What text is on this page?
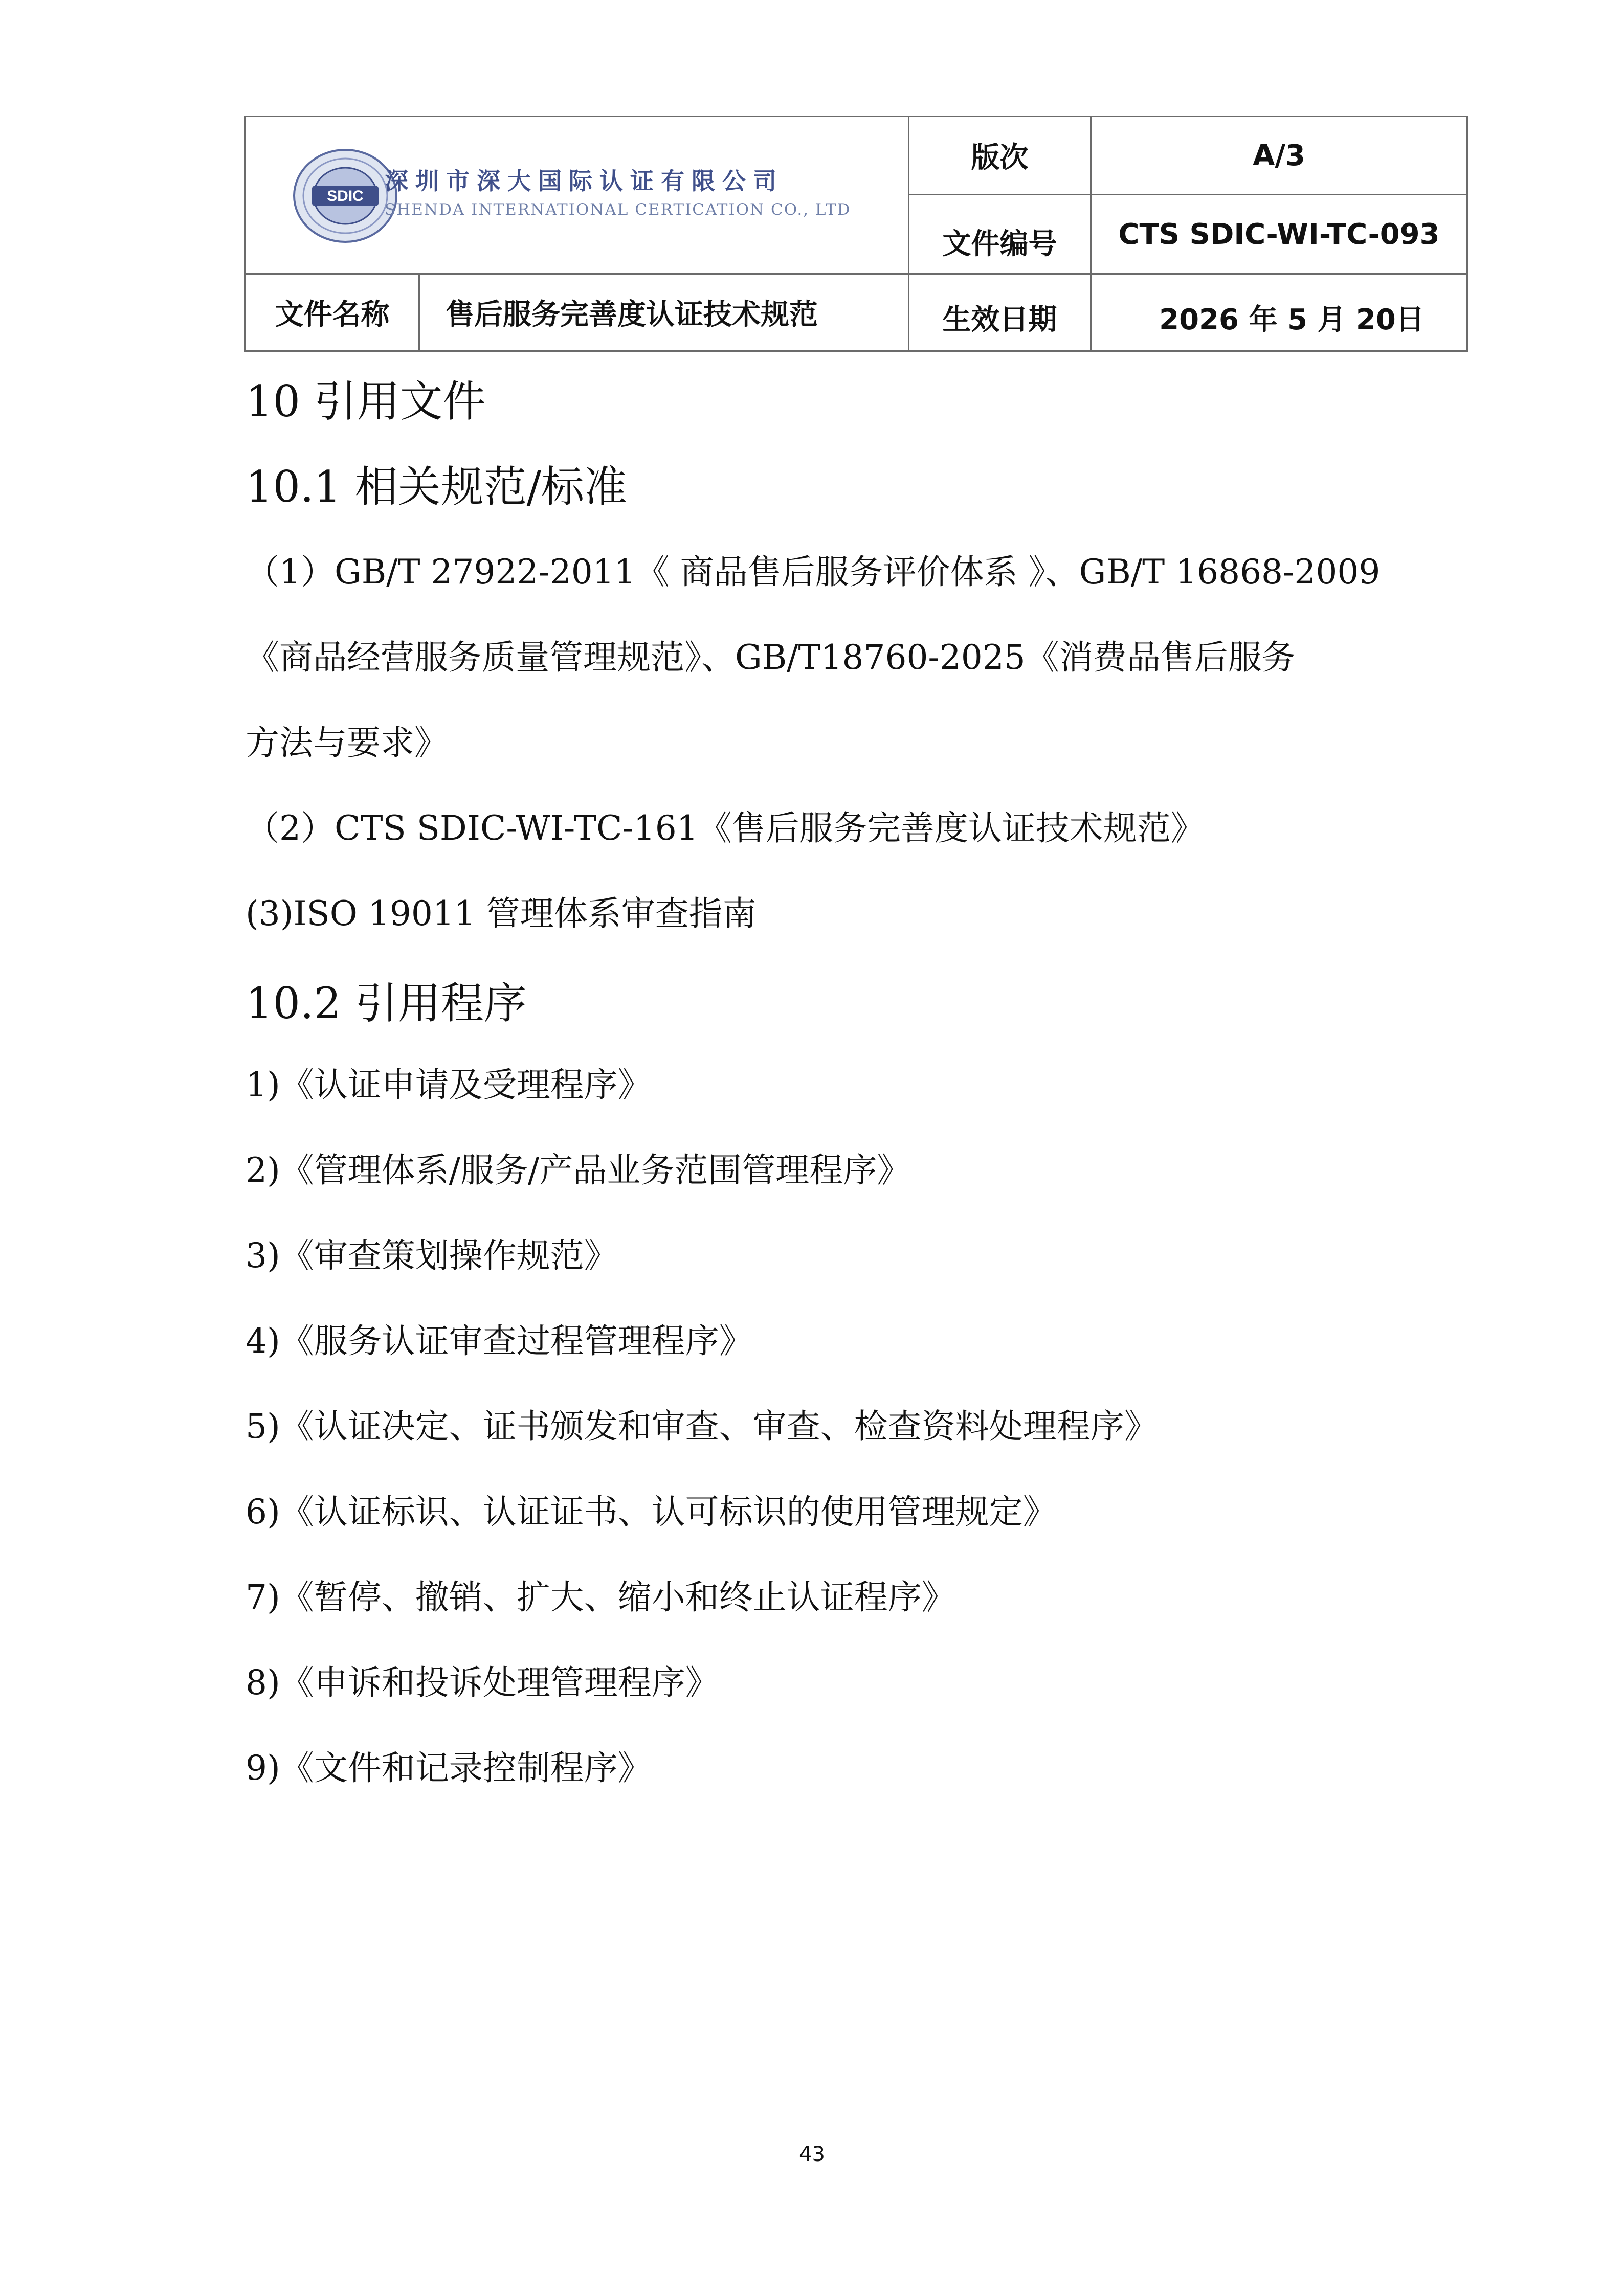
版次	A/3
文件编号	CTS SDIC-WI-TC-093
文件名称	售后服务完善度认证技术规范	生效日期	2026 年 5 月 20日
SDIC
深圳市深大国际认证有限公司
SHENDA INTERNATIONAL CERTICATION CO., LTD
10 引用文件
10.1 相关规范/标准
（1）GB/T 27922-2011《 商品售后服务评价体系 》、GB/T 16868-2009
《商品经营服务质量管理规范》、GB/T18760-2025《消费品售后服务
方法与要求》
（2）CTS SDIC-WI-TC-161《售后服务完善度认证技术规范》
(3)ISO 19011 管理体系审查指南
10.2 引用程序
1)《认证申请及受理程序》
2)《管理体系/服务/产品业务范围管理程序》
3)《审查策划操作规范》
4)《服务认证审查过程管理程序》
5)《认证决定、证书颁发和审查、审查、检查资料处理程序》
6)《认证标识、认证证书、认可标识的使用管理规定》
7)《暂停、撤销、扩大、缩小和终止认证程序》
8)《申诉和投诉处理管理程序》
9)《文件和记录控制程序》
43
